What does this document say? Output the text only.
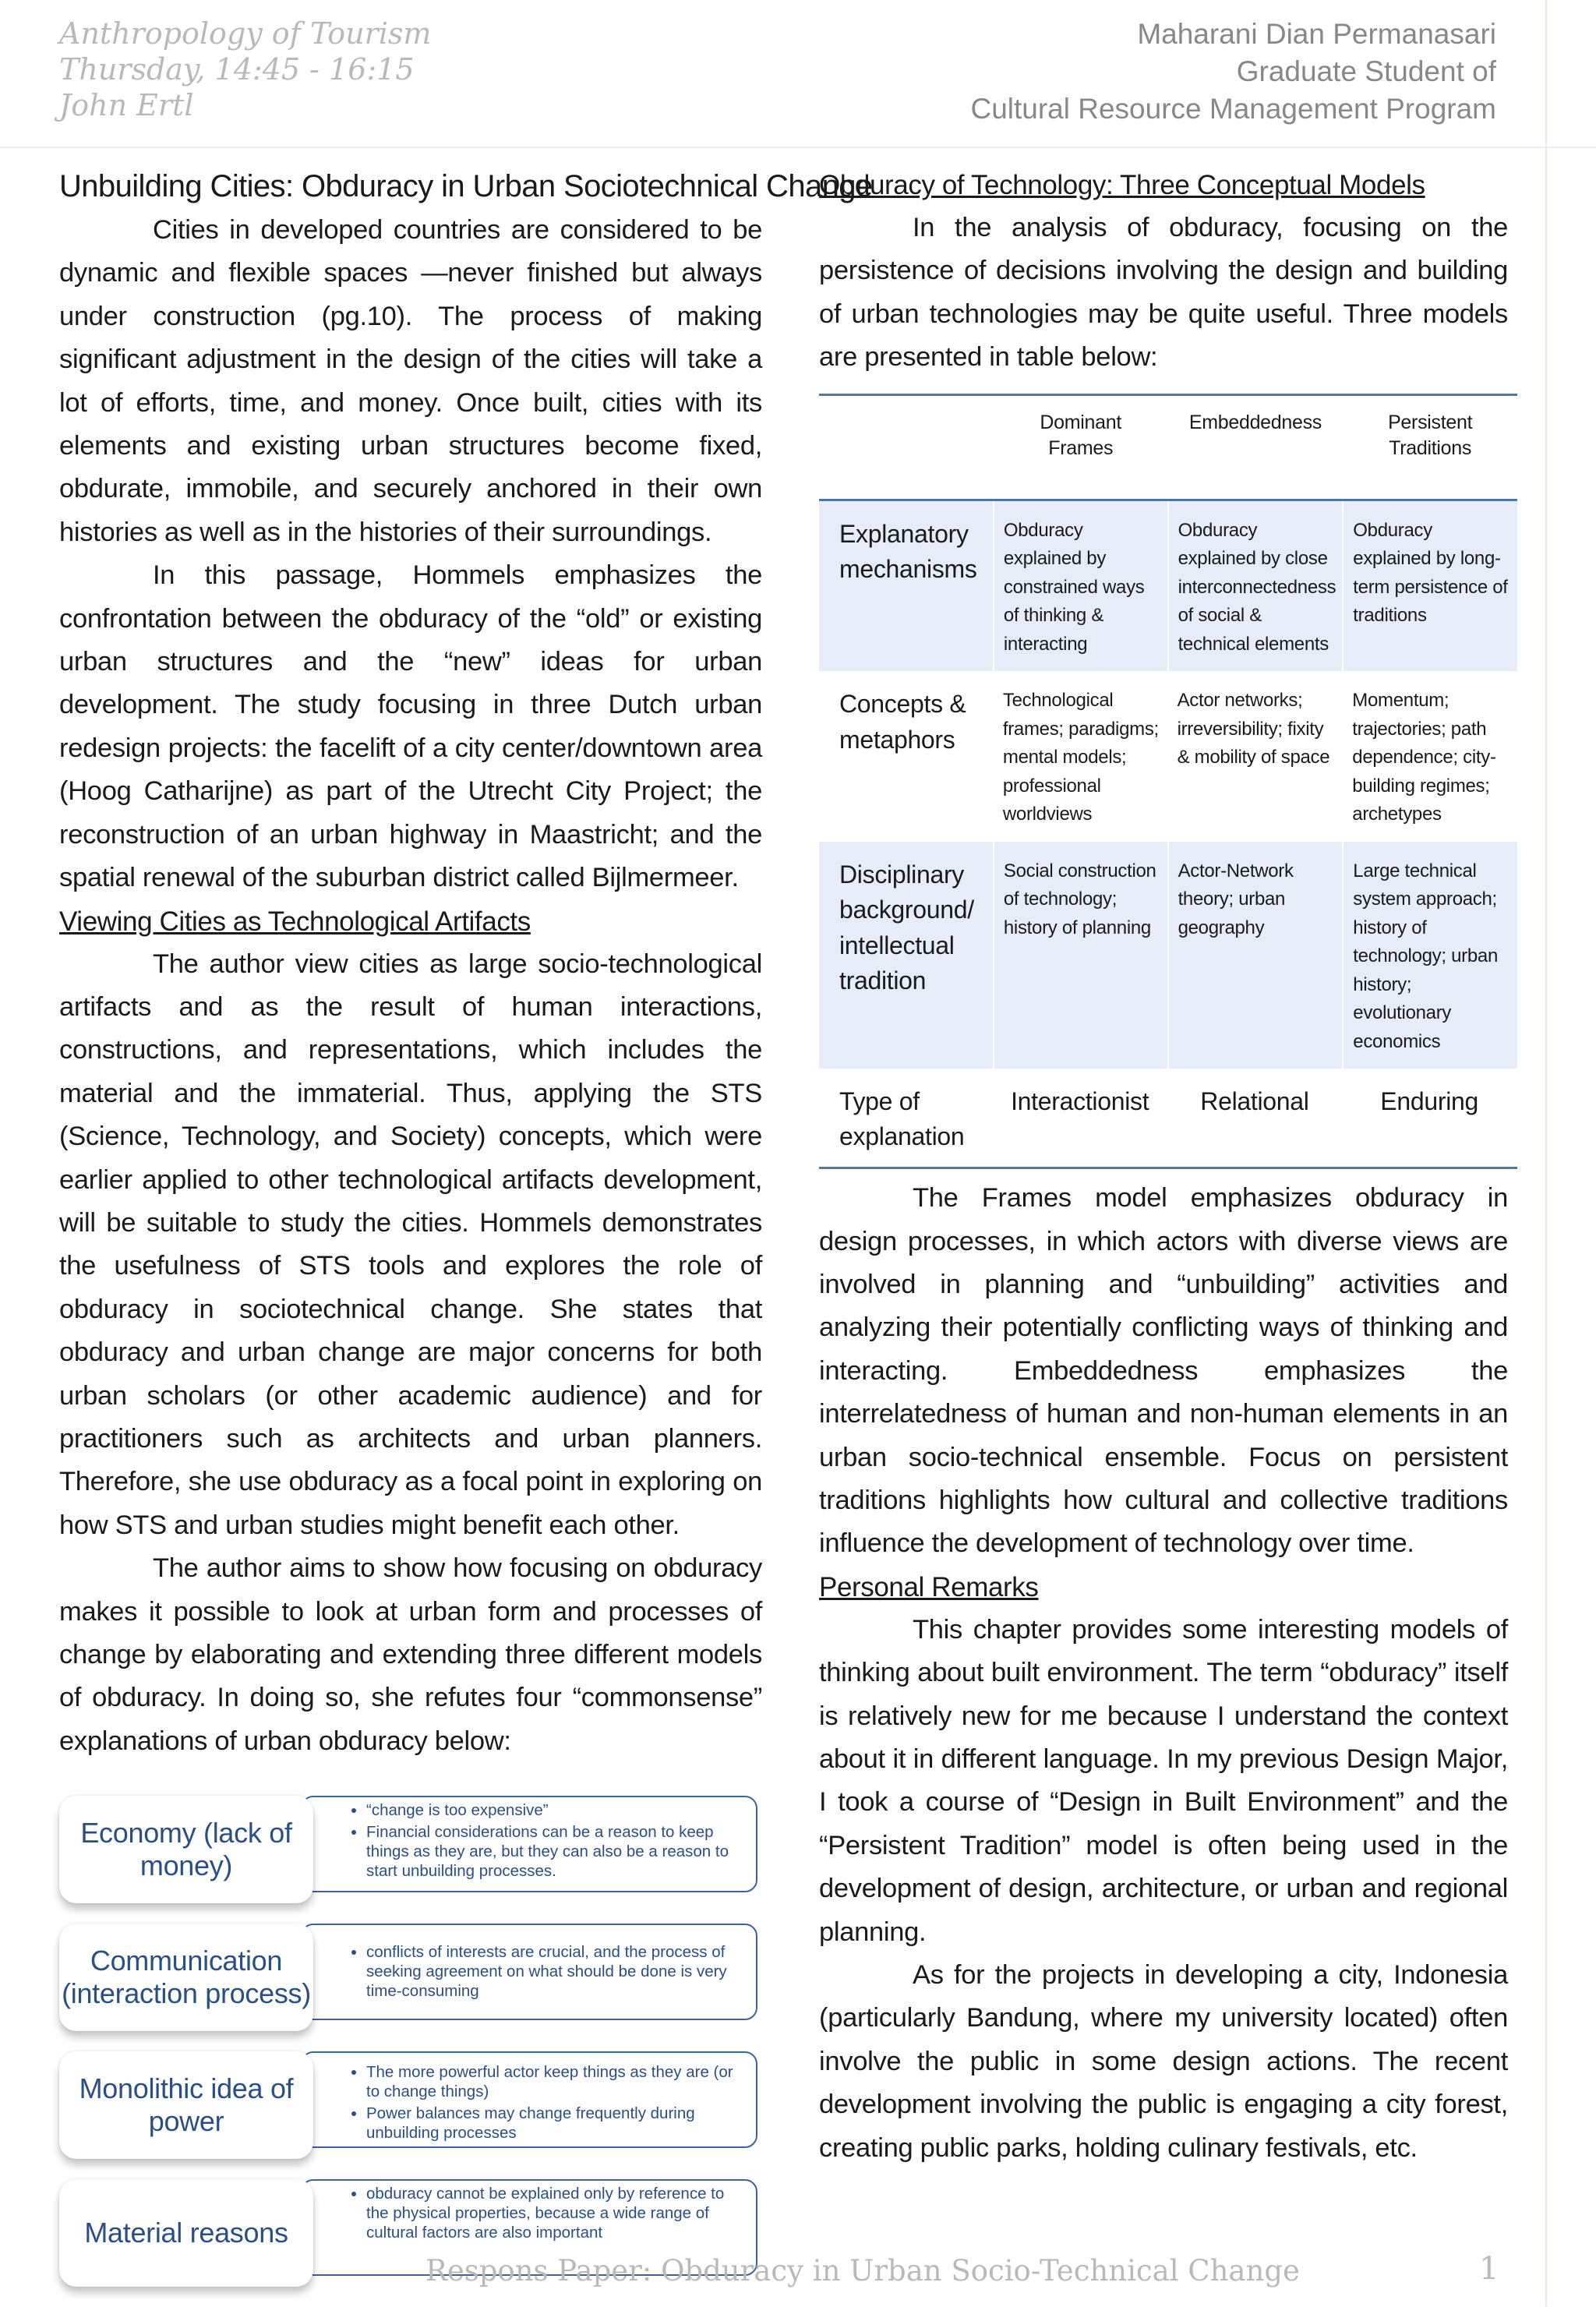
Anthropology of Tourism
Thursday, 14:45 - 16:15
John Ertl
Maharani Dian Permanasari
Graduate Student of
Cultural Resource Management Program
Unbuilding Cities: Obduracy in Urban Sociotechnical Change

Cities in developed countries are considered to be dynamic and flexible spaces —never finished but always under construction (pg.10). The process of making significant adjustment in the design of the cities will take a lot of efforts, time, and money. Once built, cities with its elements and existing urban structures become fixed, obdurate, immobile, and securely anchored in their own histories as well as in the histories of their surroundings.

In this passage, Hommels emphasizes the confrontation between the obduracy of the “old” or existing urban structures and the “new” ideas for urban development. The study focusing in three Dutch urban redesign projects: the facelift of a city center/downtown area (Hoog Catharijne) as part of the Utrecht City Project; the reconstruction of an urban highway in Maastricht; and the spatial renewal of the suburban district called Bijlmermeer.

Viewing Cities as Technological Artifacts

The author view cities as large socio-technological artifacts and as the result of human interactions, constructions, and representations, which includes the material and the immaterial. Thus, applying the STS (Science, Technology, and Society) concepts, which were earlier applied to other technological artifacts development, will be suitable to study the cities. Hommels demonstrates the usefulness of STS tools and explores the role of obduracy in sociotechnical change. She states that obduracy and urban change are major concerns for both urban scholars (or other academic audience) and for practitioners such as architects and urban planners. Therefore, she use obduracy as a focal point in exploring on how STS and urban studies might benefit each other.

The author aims to show how focusing on obduracy makes it possible to look at urban form and processes of change by elaborating and extending three different models of obduracy. In doing so, she refutes four “commonsense” explanations of urban obduracy below:

• “change is too expensive”
• Financial considerations can be a reason to keep things as they are, but they can also be a reason to start unbuilding processes.
Economy (lack of money)
• conflicts of interests are crucial, and the process of seeking agreement on what should be done is very time-consuming
Communication (interaction process)
• The more powerful actor keep things as they are (or to change things)
• Power balances may change frequently during unbuilding processes
Monolithic idea of power
• obduracy cannot be explained only by reference to the physical properties, because a wide range of cultural factors are also important
Material reasons

Obduracy of Technology: Three Conceptual Models

In the analysis of obduracy, focusing on the persistence of decisions involving the design and building of urban technologies may be quite useful. Three models are presented in table below:

	Dominant Frames	Embeddedness	Persistent Traditions
Explanatory mechanisms	Obduracy explained by constrained ways of thinking & interacting	Obduracy explained by close interconnectedness of social & technical elements	Obduracy explained by long-term persistence of traditions
Concepts & metaphors	Technological frames; paradigms; mental models; professional worldviews	Actor networks; irreversibility; fixity & mobility of space	Momentum; trajectories; path dependence; city-building regimes; archetypes
Disciplinary background/ intellectual tradition	Social construction of technology; history of planning	Actor-Network theory; urban geography	Large technical system approach; history of technology; urban history; evolutionary economics
Type of explanation	Interactionist	Relational	Enduring

The Frames model emphasizes obduracy in design processes, in which actors with diverse views are involved in planning and “unbuilding” activities and analyzing their potentially conflicting ways of thinking and interacting. Embeddedness emphasizes the interrelatedness of human and non-human elements in an urban socio-technical ensemble. Focus on persistent traditions highlights how cultural and collective traditions influence the development of technology over time.

Personal Remarks

This chapter provides some interesting models of thinking about built environment. The term “obduracy” itself is relatively new for me because I understand the context about it in different language. In my previous Design Major, I took a course of “Design in Built Environment” and the “Persistent Tradition” model is often being used in the development of design, architecture, or urban and regional planning.

As for the projects in developing a city, Indonesia (particularly Bandung, where my university located) often involve the public in some design actions. The recent development involving the public is engaging a city forest, creating public parks, holding culinary festivals, etc.

Respons Paper: Obduracy in Urban Socio-Technical Change	1
